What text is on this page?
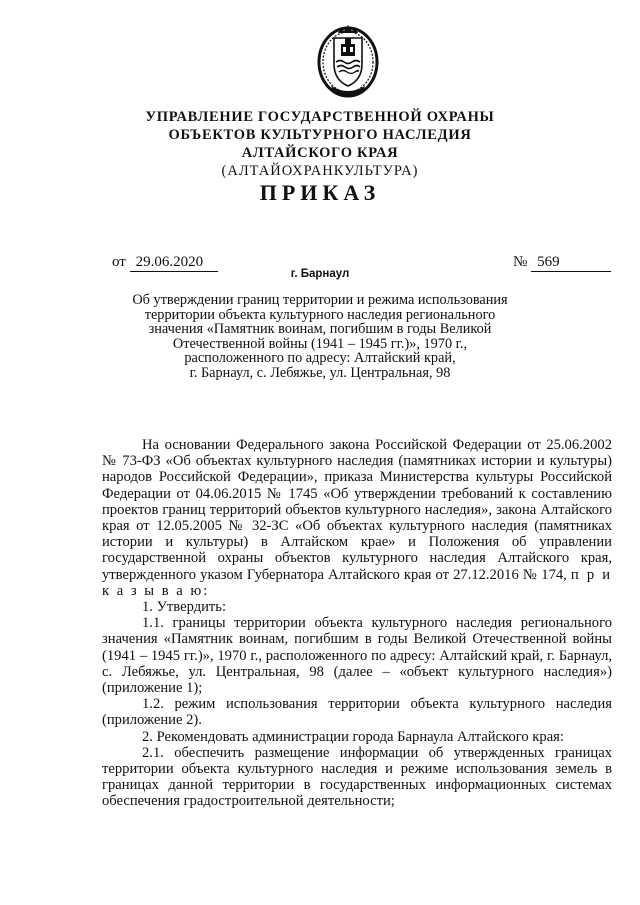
УПРАВЛЕНИЕ ГОСУДАРСТВЕННОЙ ОХРАНЫ
ОБЪЕКТОВ КУЛЬТУРНОГО НАСЛЕДИЯ
АЛТАЙСКОГО КРАЯ
(АЛТАЙОХРАНКУЛЬТУРА)
ПРИКАЗ
от 29.06.2020	№ 569
г. Барнаул
Об утверждении границ территории и режима использования
территории объекта культурного наследия регионального
значения «Памятник воинам, погибшим в годы Великой
Отечественной войны (1941 – 1945 гг.)», 1970 г.,
расположенного по адресу: Алтайский край,
г. Барнаул, с. Лебяжье, ул. Центральная, 98
На основании Федерального закона Российской Федерации от 25.06.2002 № 73-ФЗ «Об объектах культурного наследия (памятниках истории и культуры) народов Российской Федерации», приказа Министерства культуры Российской Федерации от 04.06.2015 № 1745 «Об утверждении требований к составлению проектов границ территорий объектов культурного наследия», закона Алтайского края от 12.05.2005 № 32-ЗС «Об объектах культурного наследия (памятниках истории и культуры) в Алтайском крае» и Положения об управлении государственной охраны объектов культурного наследия Алтайского края, утвержденного указом Губернатора Алтайского края от 27.12.2016 № 174, п р и к а з ы в а ю:
1. Утвердить:
1.1. границы территории объекта культурного наследия регионального значения «Памятник воинам, погибшим в годы Великой Отечественной войны (1941 – 1945 гг.)», 1970 г., расположенного по адресу: Алтайский край, г. Барнаул, с. Лебяжье, ул. Центральная, 98 (далее – «объект культурного наследия») (приложение 1);
1.2. режим использования территории объекта культурного наследия (приложение 2).
2. Рекомендовать администрации города Барнаула Алтайского края:
2.1. обеспечить размещение информации об утвержденных границах территории объекта культурного наследия и режиме использования земель в границах данной территории в государственных информационных системах обеспечения градостроительной деятельности;
